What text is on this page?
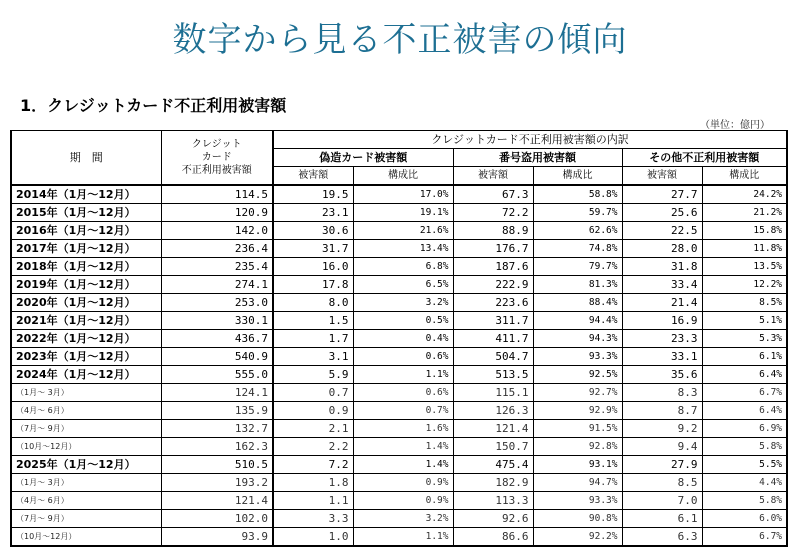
数字から見る不正被害の傾向
1．クレジットカード不正利用被害額
（単位：億円）
期　間	クレジット
カード
不正利用被害額	クレジットカード不正利用被害額の内訳					
		偽造カード被害額		番号盗用被害額		その他不正利用被害額	
		被害額	構成比	被害額	構成比	被害額	構成比
2014年（1月～12月）	114.5	19.5	17.0%	67.3	58.8%	27.7	24.2%
2015年（1月～12月）	120.9	23.1	19.1%	72.2	59.7%	25.6	21.2%
2016年（1月～12月）	142.0	30.6	21.6%	88.9	62.6%	22.5	15.8%
2017年（1月～12月）	236.4	31.7	13.4%	176.7	74.8%	28.0	11.8%
2018年（1月～12月）	235.4	16.0	6.8%	187.6	79.7%	31.8	13.5%
2019年（1月～12月）	274.1	17.8	6.5%	222.9	81.3%	33.4	12.2%
2020年（1月～12月）	253.0	8.0	3.2%	223.6	88.4%	21.4	8.5%
2021年（1月～12月）	330.1	1.5	0.5%	311.7	94.4%	16.9	5.1%
2022年（1月～12月）	436.7	1.7	0.4%	411.7	94.3%	23.3	5.3%
2023年（1月～12月）	540.9	3.1	0.6%	504.7	93.3%	33.1	6.1%
2024年（1月～12月）	555.0	5.9	1.1%	513.5	92.5%	35.6	6.4%
（1月～ 3月）	124.1	0.7	0.6%	115.1	92.7%	8.3	6.7%
（4月～ 6月）	135.9	0.9	0.7%	126.3	92.9%	8.7	6.4%
（7月～ 9月）	132.7	2.1	1.6%	121.4	91.5%	9.2	6.9%
（10月～12月）	162.3	2.2	1.4%	150.7	92.8%	9.4	5.8%
2025年（1月～12月）	510.5	7.2	1.4%	475.4	93.1%	27.9	5.5%
（1月～ 3月）	193.2	1.8	0.9%	182.9	94.7%	8.5	4.4%
（4月～ 6月）	121.4	1.1	0.9%	113.3	93.3%	7.0	5.8%
（7月～ 9月）	102.0	3.3	3.2%	92.6	90.8%	6.1	6.0%
（10月～12月）	93.9	1.0	1.1%	86.6	92.2%	6.3	6.7%
